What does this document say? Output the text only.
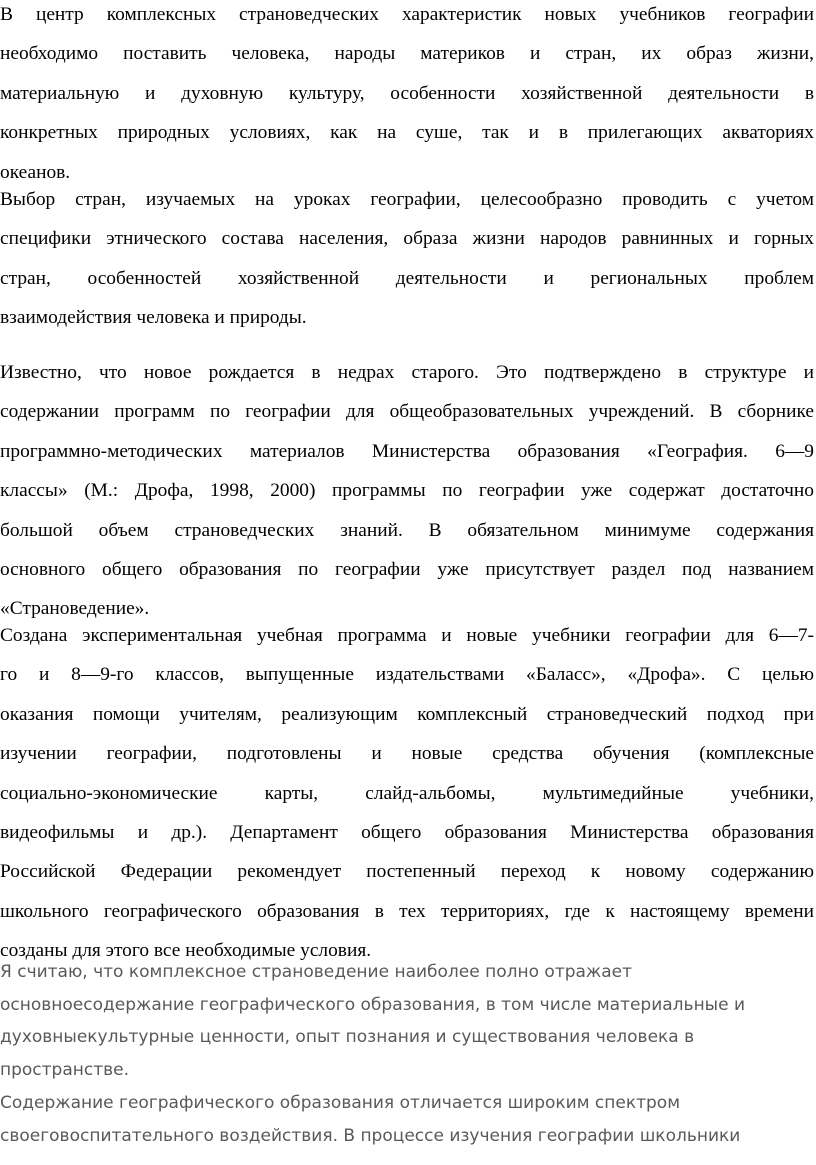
В центр комплексных страноведческих характеристик новых учебников географии
необходимо поставить человека, народы материков и стран, их образ жизни,
материальную и духовную культуру, особенности хозяйственной деятельности в
конкретных природных условиях, как на суше, так и в прилегающих акваториях
океанов.
Выбор стран, изучаемых на уроках географии, целесообразно проводить с учетом
специфики этнического состава населения, образа жизни народов равнинных и горных
стран, особенностей хозяйственной деятельности и региональных проблем
взаимодействия человека и природы.
Известно, что новое рождается в недрах старого. Это подтверждено в структуре и
содержании программ по географии для общеобразовательных учреждений. В сборнике
программно-методических материалов Министерства образования «География. 6—9
классы» (М.: Дрофа, 1998, 2000) программы по географии уже содержат достаточно
большой объем страноведческих знаний. В обязательном минимуме содержания
основного общего образования по географии уже присутствует раздел под названием
«Страноведение».
Создана экспериментальная учебная программа и новые учебники географии для 6—7-
го и 8—9-го классов, выпущенные издательствами «Баласс», «Дрофа». С целью
оказания помощи учителям, реализующим комплексный страноведческий подход при
изучении географии, подготовлены и новые средства обучения (комплексные
социально-экономические карты, слайд-альбомы, мультимедийные учебники,
видеофильмы и др.). Департамент общего образования Министерства образования
Российской Федерации рекомендует постепенный переход к новому содержанию
школьного географического образования в тех территориях, где к настоящему времени
созданы для этого все необходимые условия.
Я считаю, что комплексное страноведение наиболее полно отражает
основноесодержание географического образования, в том числе материальные и
духовныекультурные ценности, опыт познания и существования человека в
пространстве.
Содержание географического образования отличается широким спектром
своеговоспитательного воздействия. В процессе изучения географии школьники
